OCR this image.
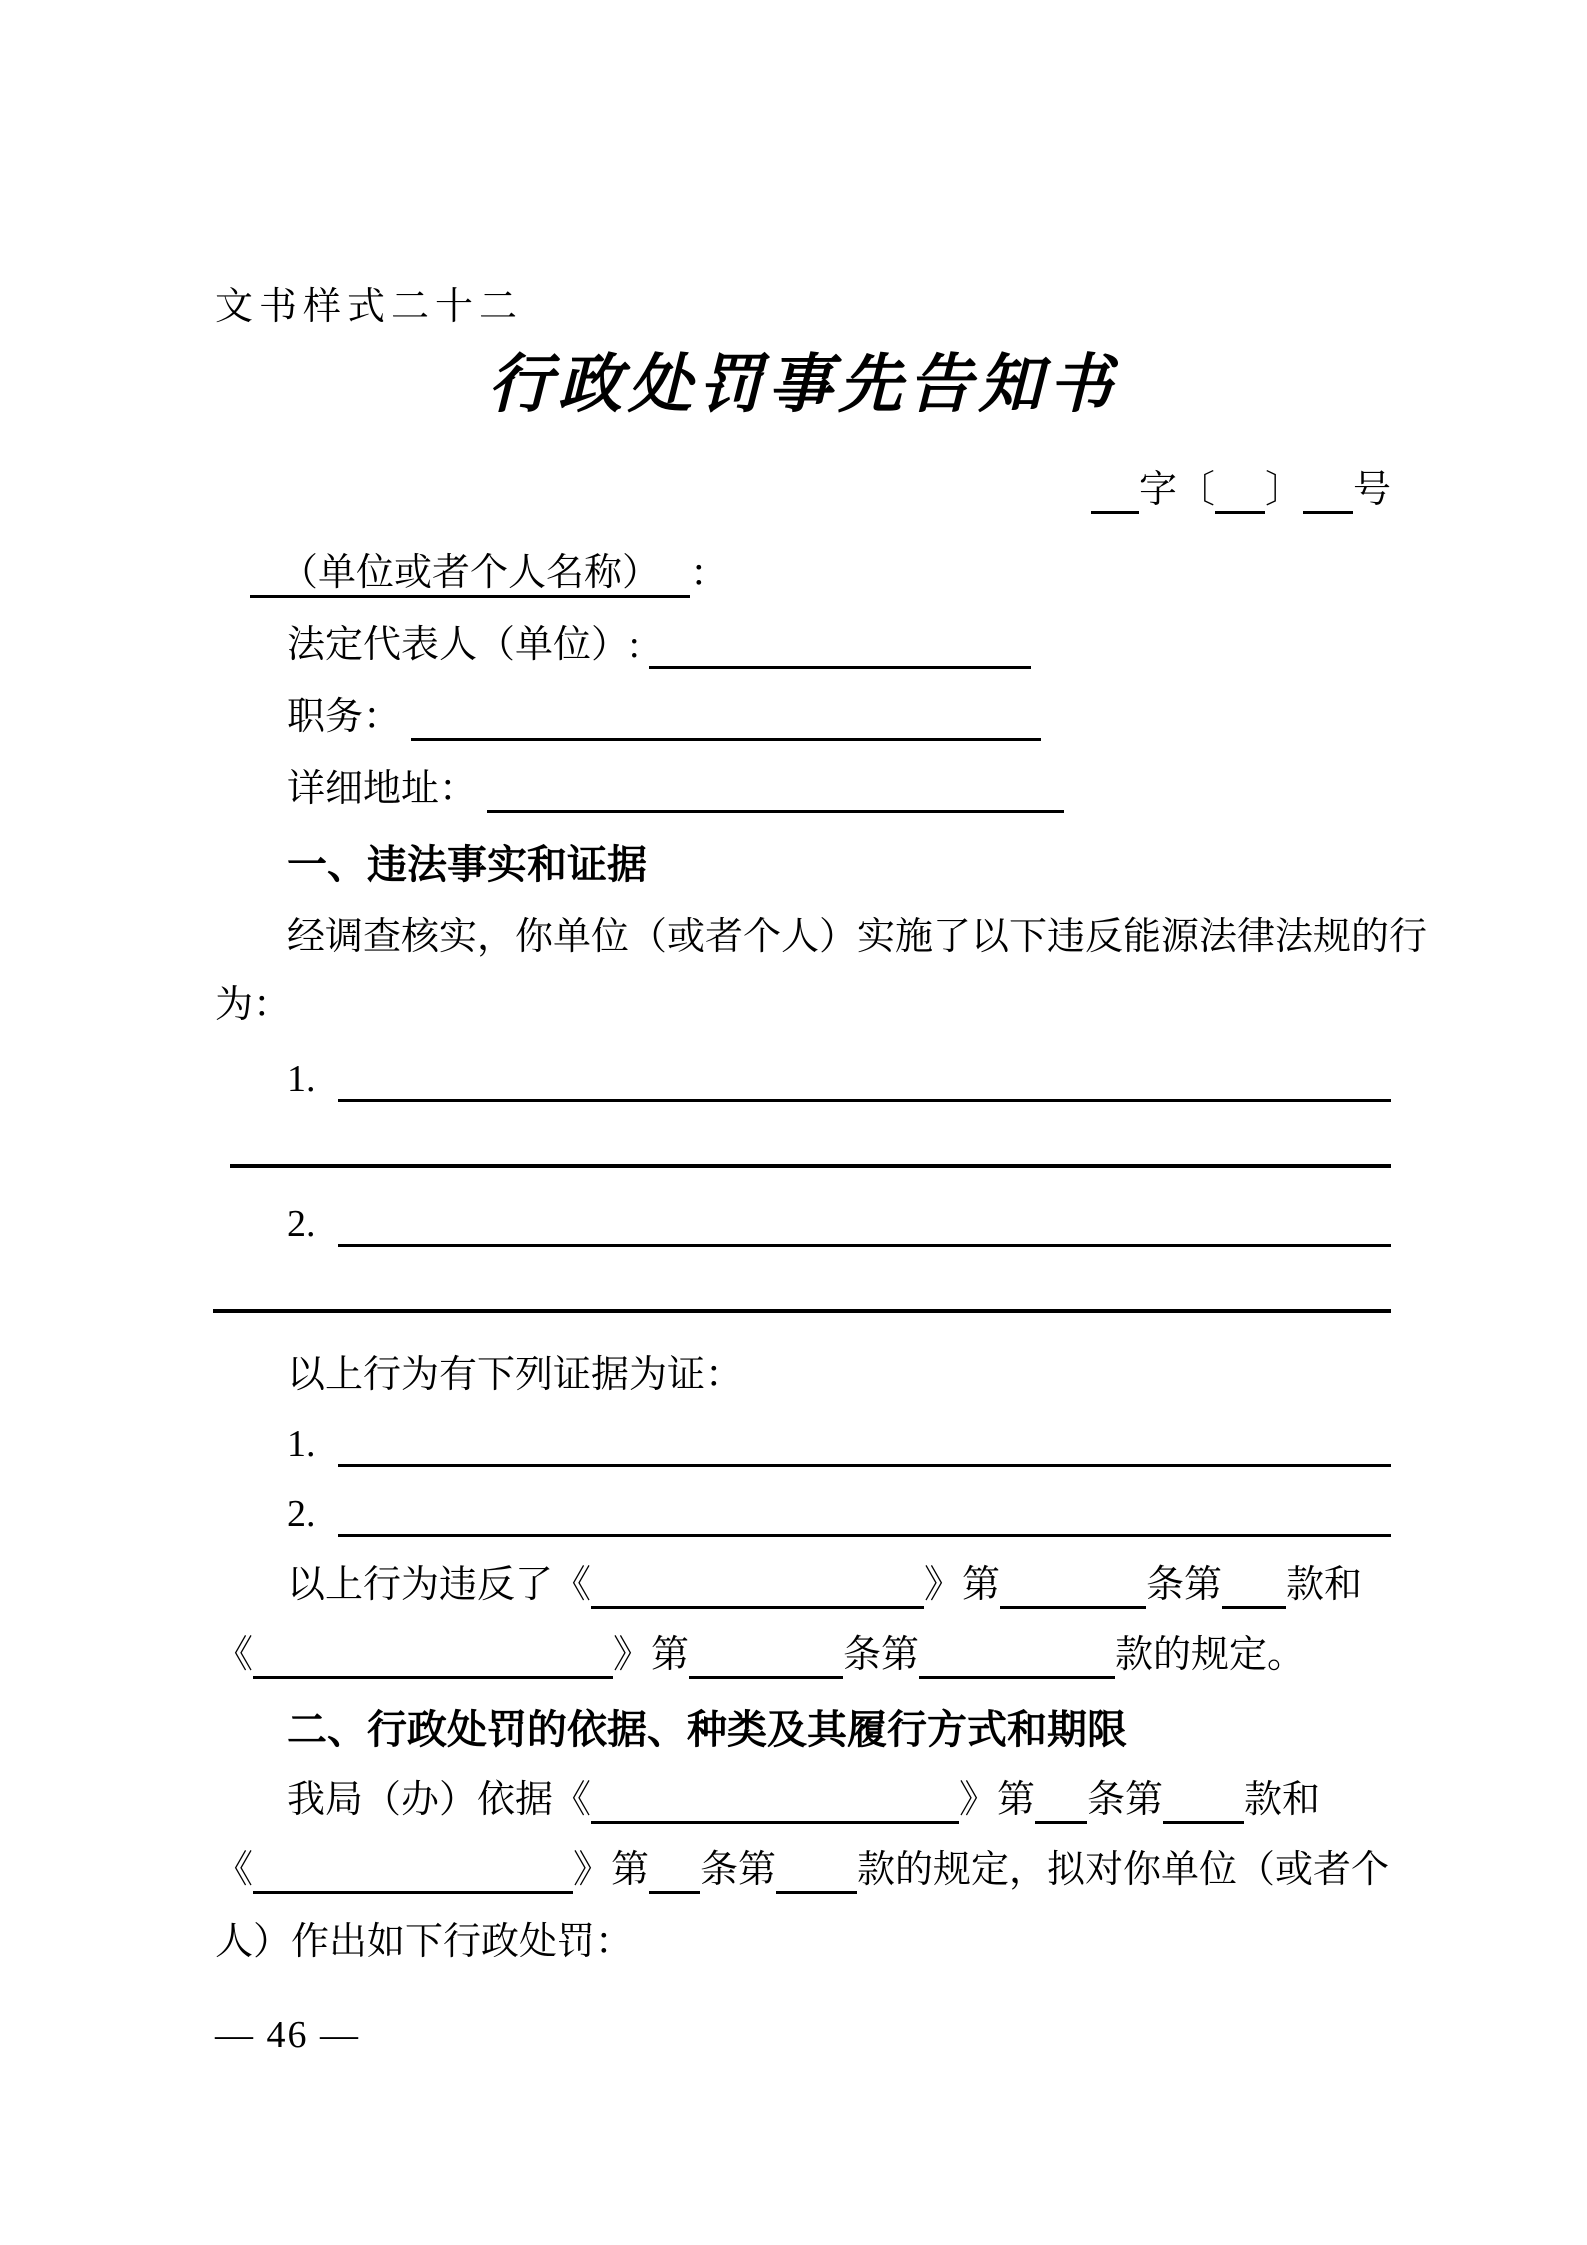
文书样式二十二
行政处罚事先告知书
字〔 〕 号
（单位或者个人名称） ：
法定代表人（单位）:
职务：
详细地址：
一、违法事实和证据
经调查核实，你单位（或者个人）实施了以下违反能源法律法规的行
为：
1.
2.
以上行为有下列证据为证：
1.
2.
以上行为违反了《	》第	条第 款和
《	》第	条第	款的规定。
二、行政处罚的依据、种类及其履行方式和期限
我局（办）依据《	》第 条第 款和
《	》第 条第 款的规定，拟对你单位（或者个
人）作出如下行政处罚：
— 46 —
